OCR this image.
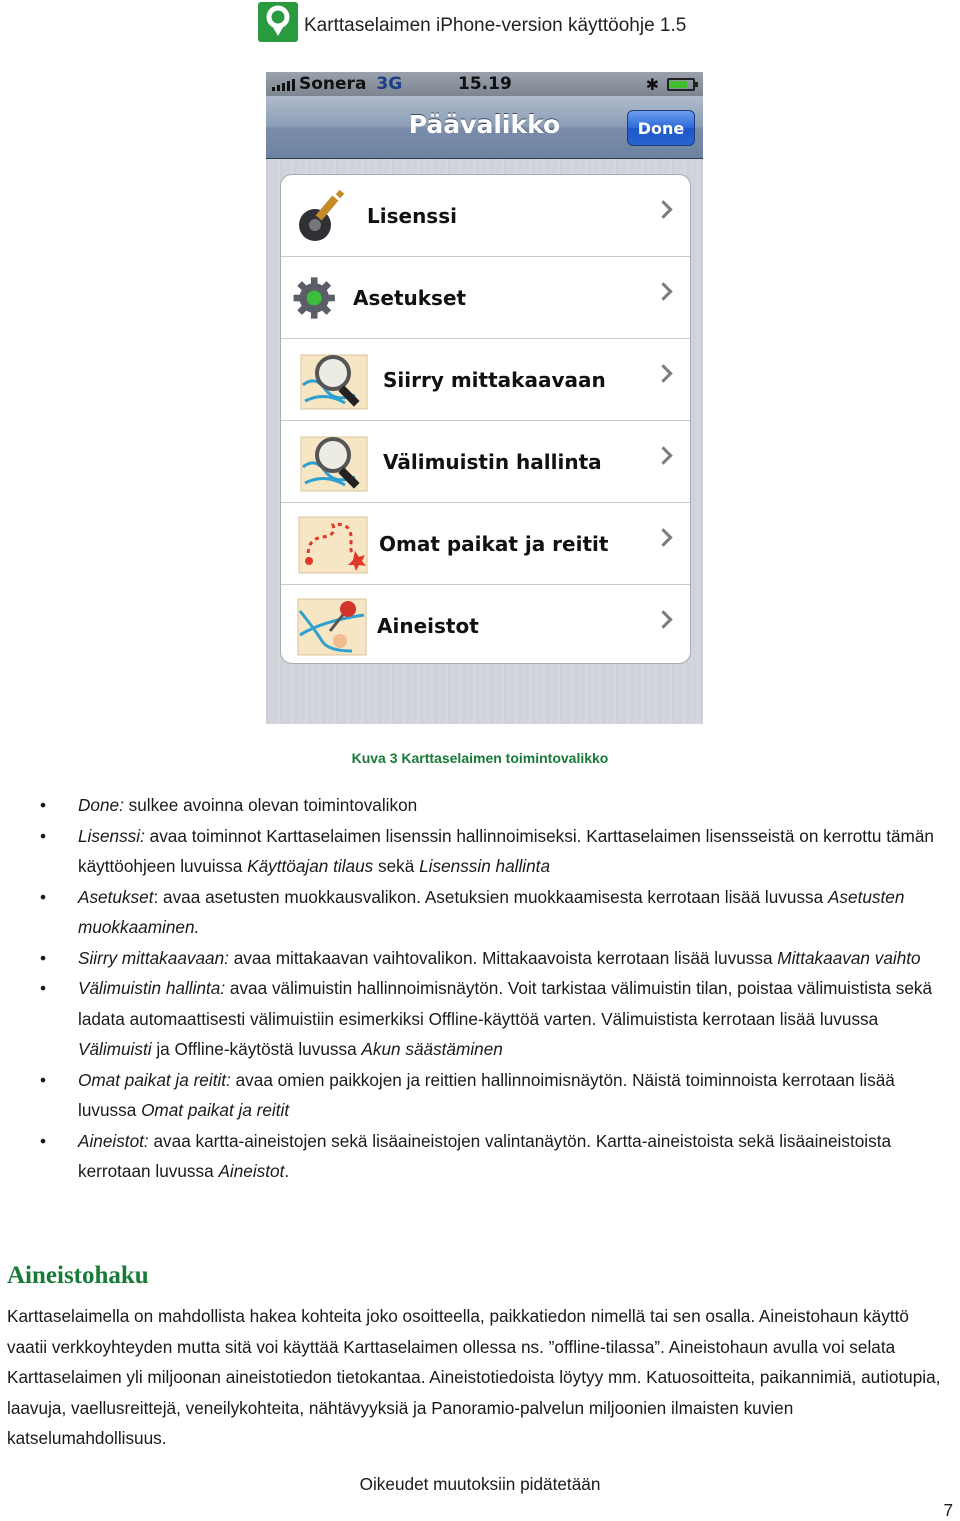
Karttaselaimen iPhone-version käyttöohje 1.5
Sonera 3G	15.19	✱
Päävalikko	Done
Lisenssi
Asetukset
Siirry mittakaavaan
Välimuistin hallinta
Omat paikat ja reitit
Aineistot
Kuva 3 Karttaselaimen toimintovalikko
• Done: sulkee avoinna olevan toimintovalikon
• Lisenssi: avaa toiminnot Karttaselaimen lisenssin hallinnoimiseksi. Karttaselaimen lisensseistä on kerrottu tämän käyttöohjeen luvuissa Käyttöajan tilaus sekä Lisenssin hallinta
• Asetukset: avaa asetusten muokkausvalikon. Asetuksien muokkaamisesta kerrotaan lisää luvussa Asetusten muokkaaminen.
• Siirry mittakaavaan: avaa mittakaavan vaihtovalikon. Mittakaavoista kerrotaan lisää luvussa Mittakaavan vaihto
• Välimuistin hallinta: avaa välimuistin hallinnoimisnäytön. Voit tarkistaa välimuistin tilan, poistaa välimuistista sekä ladata automaattisesti välimuistiin esimerkiksi Offline-käyttöä varten. Välimuistista kerrotaan lisää luvussa Välimuisti ja Offline-käytöstä luvussa Akun säästäminen
• Omat paikat ja reitit: avaa omien paikkojen ja reittien hallinnoimisnäytön. Näistä toiminnoista kerrotaan lisää luvussa Omat paikat ja reitit
• Aineistot: avaa kartta-aineistojen sekä lisäaineistojen valintanäytön. Kartta-aineistoista sekä lisäaineistoista kerrotaan luvussa Aineistot.
Aineistohaku
Karttaselaimella on mahdollista hakea kohteita joko osoitteella, paikkatiedon nimellä tai sen osalla. Aineistohaun käyttö vaatii verkkoyhteyden mutta sitä voi käyttää Karttaselaimen ollessa ns. ”offline-tilassa”. Aineistohaun avulla voi selata Karttaselaimen yli miljoonan aineistotiedon tietokantaa. Aineistotiedoista löytyy mm. Katuosoitteita, paikannimiä, autiotupia, laavuja, vaellusreittejä, veneilykohteita, nähtävyyksiä ja Panoramio-palvelun miljoonien ilmaisten kuvien katselumahdollisuus.
Oikeudet muutoksiin pidätetään
7
